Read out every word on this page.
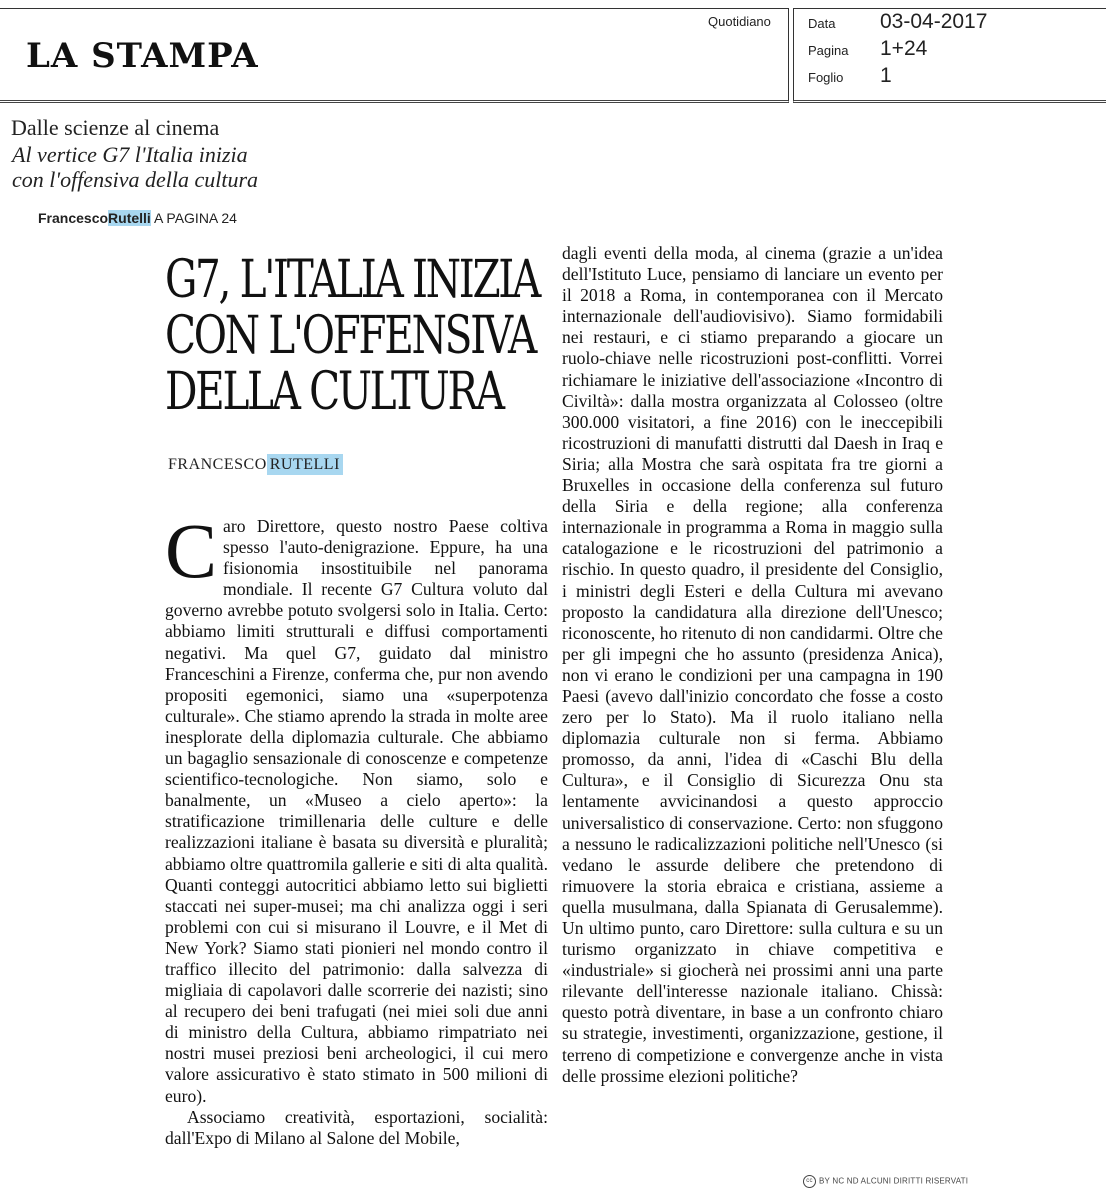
LA STAMPA
Quotidiano	Data 03-04-2017
Pagina 1+24
Foglio 1
Dalle scienze al cinema
Al vertice G7 l'Italia inizia
con l'offensiva della cultura
FrancescoRutelli A PAGINA 24
G7, L'ITALIA INIZIA
CON L'OFFENSIVA
DELLA CULTURA
FRANCESCO RUTELLI

Caro Direttore, questo nostro Paese coltiva spesso l'auto-denigrazione. Eppure, ha una fisionomia insostituibile nel panorama mondiale. Il recente G7 Cultura voluto dal governo avrebbe potuto svolgersi solo in Italia. Certo: abbiamo limiti strutturali e diffusi comportamenti negativi. Ma quel G7, guidato dal ministro Franceschini a Firenze, conferma che, pur non avendo propositi egemonici, siamo una «superpotenza culturale». Che stiamo aprendo la strada in molte aree inesplorate della diplomazia culturale. Che abbiamo un bagaglio sensazionale di conoscenze e competenze scientifico-tecnologiche. Non siamo, solo e banalmente, un «Museo a cielo aperto»: la stratificazione trimillenaria delle culture e delle realizzazioni italiane è basata su diversità e pluralità; abbiamo oltre quattromila gallerie e siti di alta qualità. Quanti conteggi autocritici abbiamo letto sui biglietti staccati nei super-musei; ma chi analizza oggi i seri problemi con cui si misurano il Louvre, e il Met di New York? Siamo stati pionieri nel mondo contro il traffico illecito del patrimonio: dalla salvezza di migliaia di capolavori dalle scorrerie dei nazisti; sino al recupero dei beni trafugati (nei miei soli due anni di ministro della Cultura, abbiamo rimpatriato nei nostri musei preziosi beni archeologici, il cui mero valore assicurativo è stato stimato in 500 milioni di euro).

Associamo creatività, esportazioni, socialità: dall'Expo di Milano al Salone del Mobile,

dagli eventi della moda, al cinema (grazie a un'idea dell'Istituto Luce, pensiamo di lanciare un evento per il 2018 a Roma, in contemporanea con il Mercato internazionale dell'audiovisivo). Siamo formidabili nei restauri, e ci stiamo preparando a giocare un ruolo-chiave nelle ricostruzioni post-conflitti. Vorrei richiamare le iniziative dell'associazione «Incontro di Civiltà»: dalla mostra organizzata al Colosseo (oltre 300.000 visitatori, a fine 2016) con le ineccepibili ricostruzioni di manufatti distrutti dal Daesh in Iraq e Siria; alla Mostra che sarà ospitata fra tre giorni a Bruxelles in occasione della conferenza sul futuro della Siria e della regione; alla conferenza internazionale in programma a Roma in maggio sulla catalogazione e le ricostruzioni del patrimonio a rischio. In questo quadro, il presidente del Consiglio, i ministri degli Esteri e della Cultura mi avevano proposto la candidatura alla direzione dell'Unesco; riconoscente, ho ritenuto di non candidarmi. Oltre che per gli impegni che ho assunto (presidenza Anica), non vi erano le condizioni per una campagna in 190 Paesi (avevo dall'inizio concordato che fosse a costo zero per lo Stato). Ma il ruolo italiano nella diplomazia culturale non si ferma. Abbiamo promosso, da anni, l'idea di «Caschi Blu della Cultura», e il Consiglio di Sicurezza Onu sta lentamente avvicinandosi a questo approccio universalistico di conservazione. Certo: non sfuggono a nessuno le radicalizzazioni politiche nell'Unesco (si vedano le assurde delibere che pretendono di rimuovere la storia ebraica e cristiana, assieme a quella musulmana, dalla Spianata di Gerusalemme). Un ultimo punto, caro Direttore: sulla cultura e su un turismo organizzato in chiave competitiva e «industriale» si giocherà nei prossimi anni una parte rilevante dell'interesse nazionale italiano. Chissà: questo potrà diventare, in base a un confronto chiaro su strategie, investimenti, organizzazione, gestione, il terreno di competizione e convergenze anche in vista delle prossime elezioni politiche?

cc BY NC ND ALCUNI DIRITTI RISERVATI
